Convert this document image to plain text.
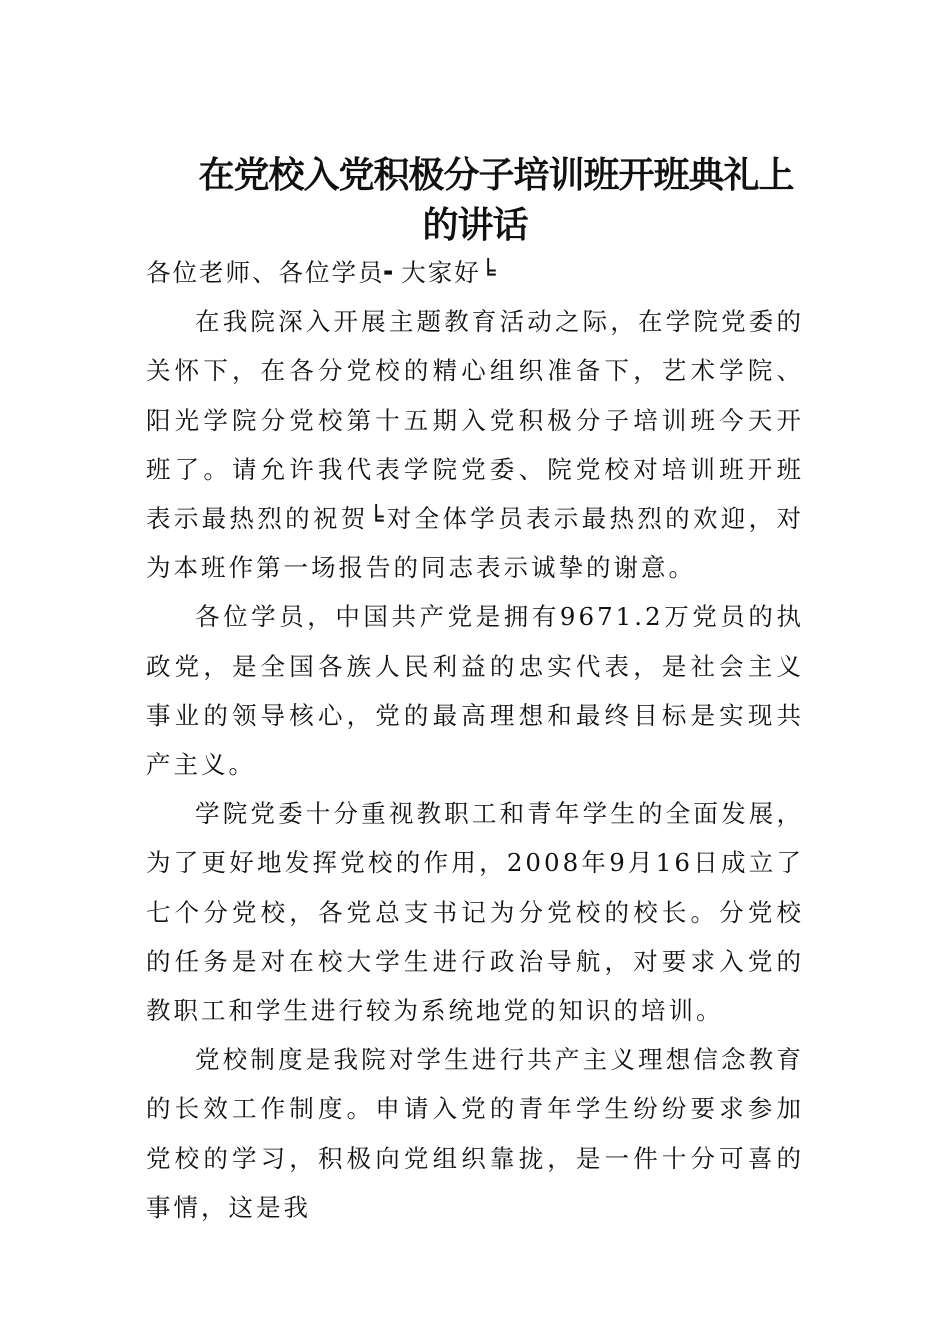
在党校入党积极分子培训班开班典礼上
的讲话

各位老师、各位学员╸大家好╘

在我院深入开展主题教育活动之际，在学院党委的关怀下，在各分党校的精心组织准备下，艺术学院、阳光学院分党校第十五期入党积极分子培训班今天开班了。请允许我代表学院党委、院党校对培训班开班表示最热烈的祝贺╘对全体学员表示最热烈的欢迎，对为本班作第一场报告的同志表示诚挚的谢意。

各位学员，中国共产党是拥有9671.2万党员的执政党，是全国各族人民利益的忠实代表，是社会主义事业的领导核心，党的最高理想和最终目标是实现共产主义。

学院党委十分重视教职工和青年学生的全面发展，为了更好地发挥党校的作用，2008年9月16日成立了七个分党校，各党总支书记为分党校的校长。分党校的任务是对在校大学生进行政治导航，对要求入党的教职工和学生进行较为系统地党的知识的培训。

党校制度是我院对学生进行共产主义理想信念教育的长效工作制度。申请入党的青年学生纷纷要求参加党校的学习，积极向党组织靠拢，是一件十分可喜的事情，这是我
